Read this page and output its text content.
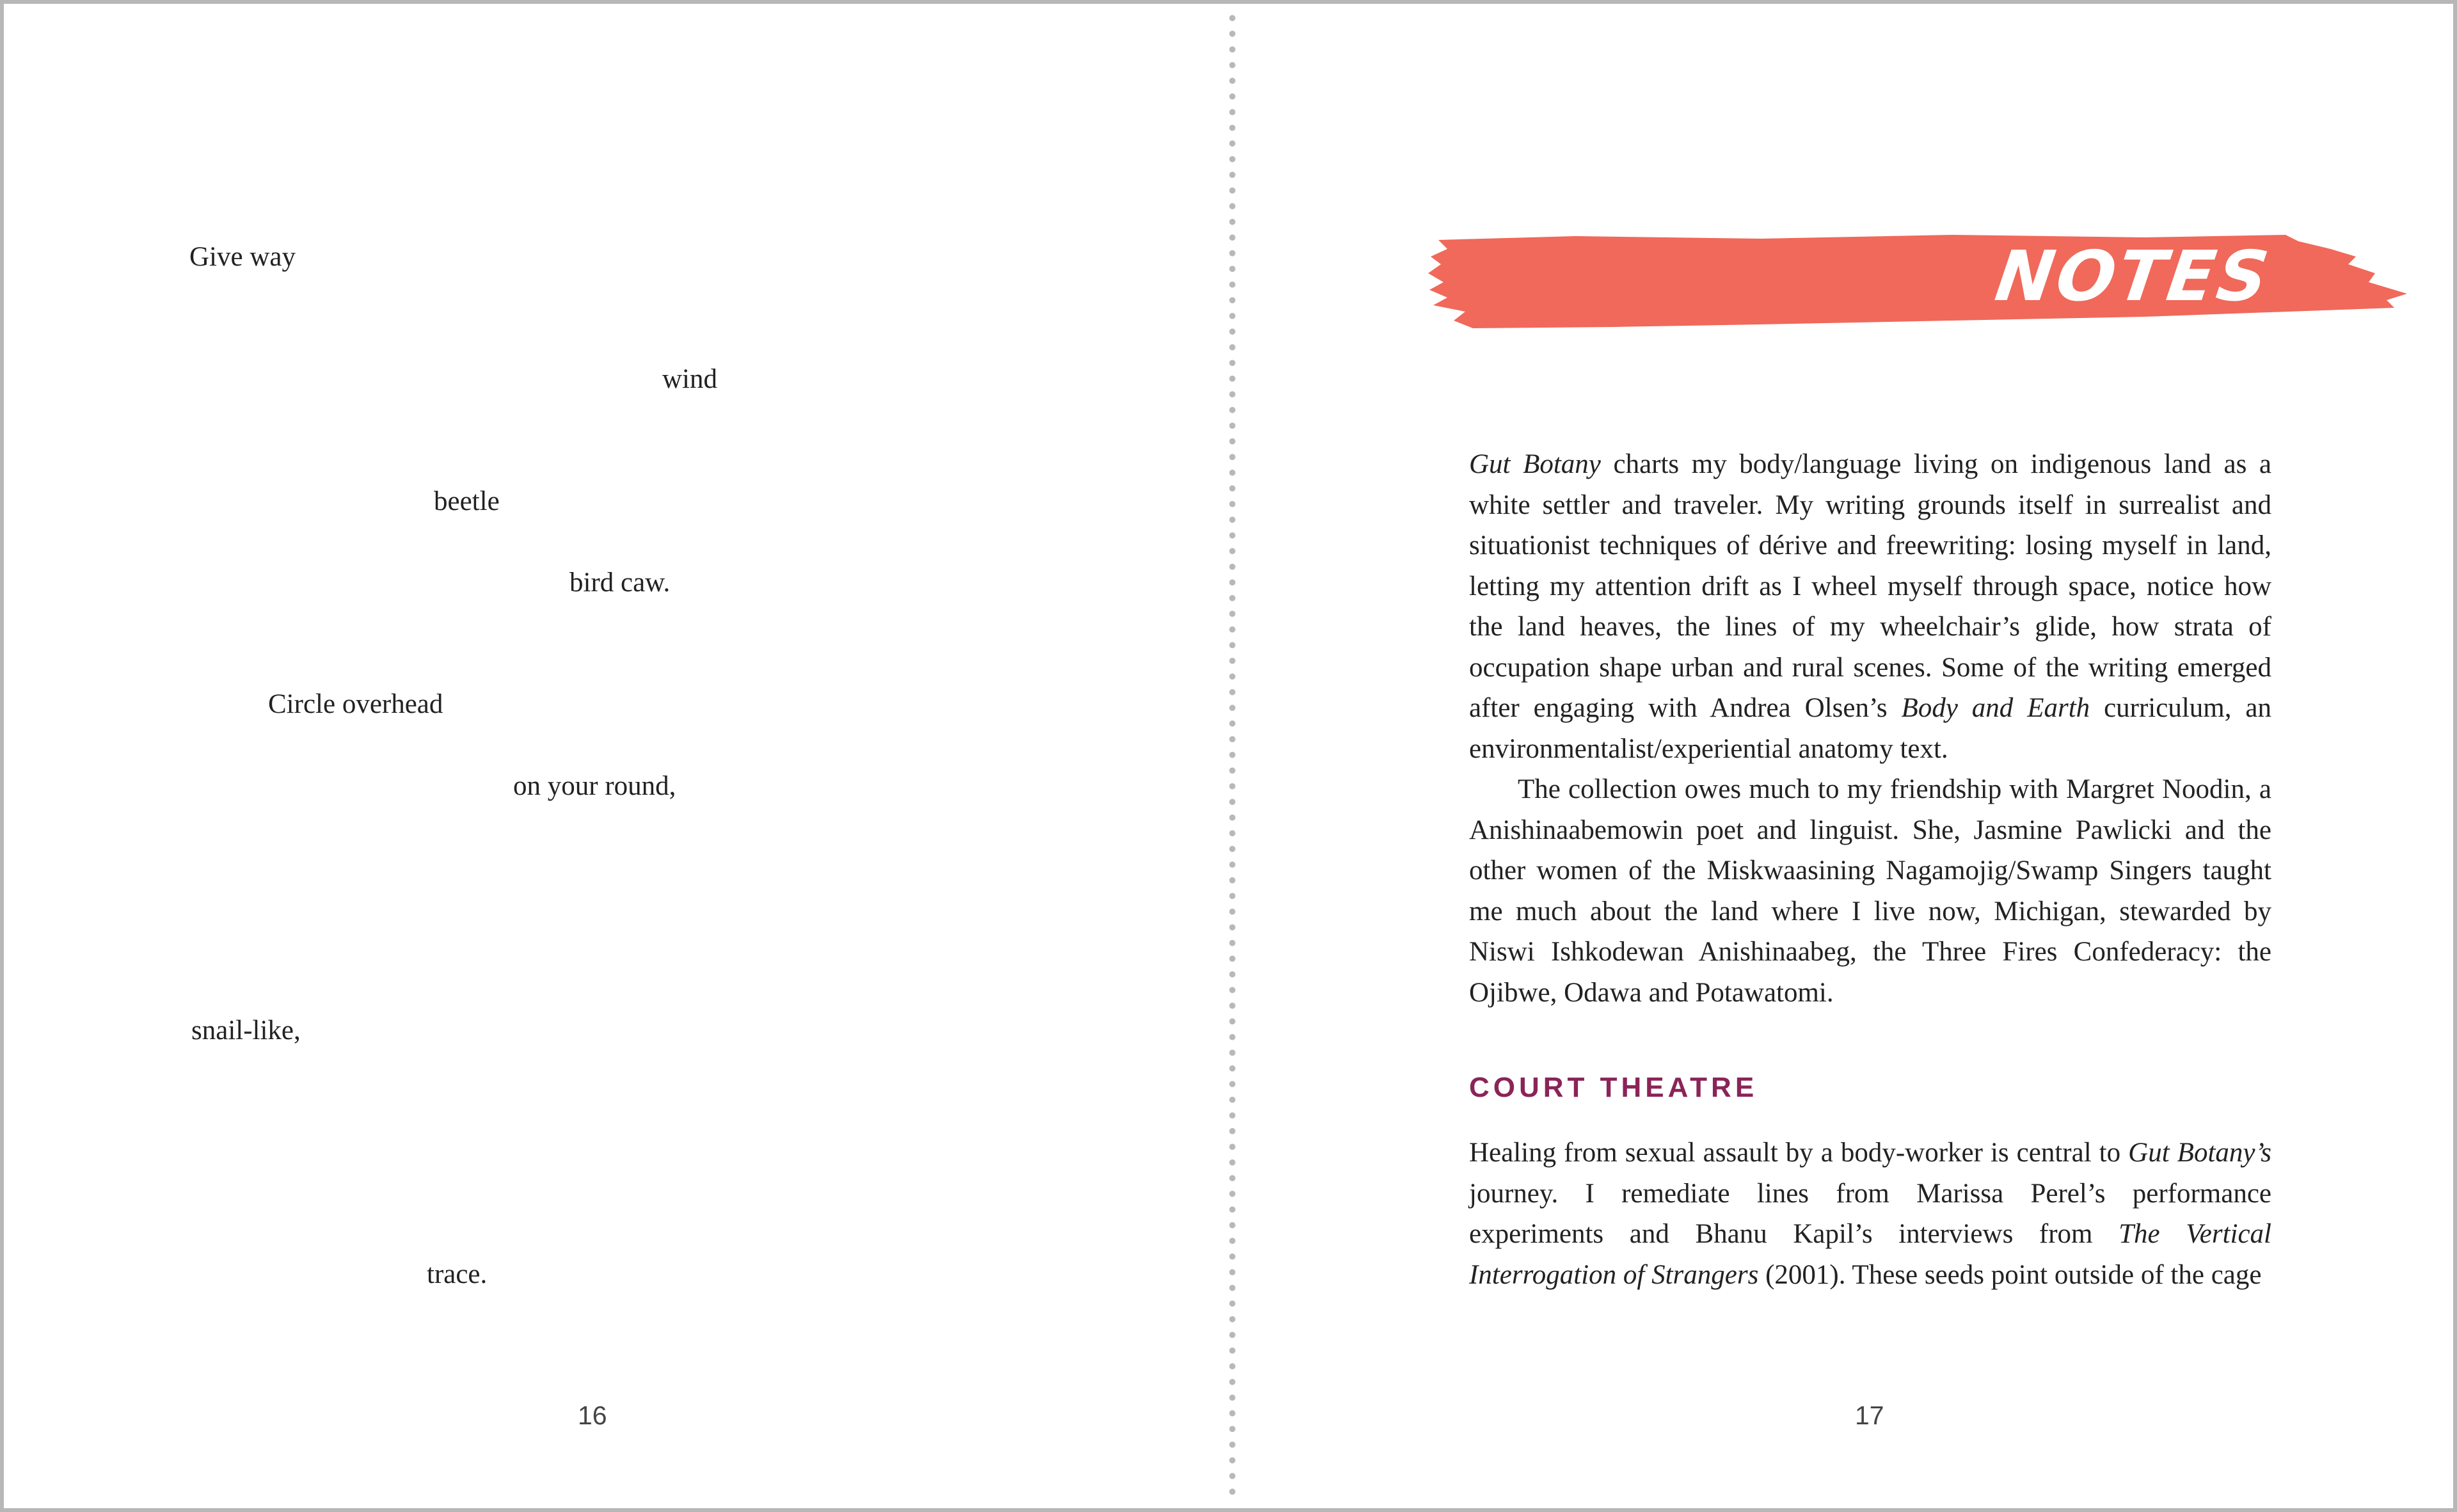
Give way
wind
beetle
bird caw.
Circle overhead
on your round,
snail-like,
trace.
16
NOTES

Gut Botany charts my body/language living on indigenous land as a white settler and traveler. My writing grounds itself in surrealist and situationist techniques of dérive and freewriting: losing myself in land, letting my attention drift as I wheel myself through space, notice how the land heaves, the lines of my wheelchair’s glide, how strata of occupation shape urban and rural scenes. Some of the writing emerged after engaging with Andrea Olsen’s Body and Earth curriculum, an environmentalist/experiential anatomy text.

The collection owes much to my friendship with Margret Noodin, a Anishinaabemowin poet and linguist. She, Jasmine Pawlicki and the other women of the Miskwaasining Nagamojig/Swamp Singers taught me much about the land where I live now, Michigan, stewarded by Niswi Ishkodewan Anishinaabeg, the Three Fires Confederacy: the Ojibwe, Odawa and Potawatomi.

COURT THEATRE

Healing from sexual assault by a body-worker is central to Gut Botany’s journey. I remediate lines from Marissa Perel’s performance experiments and Bhanu Kapil’s interviews from The Vertical Interrogation of Strangers (2001). These seeds point outside of the cage

17
